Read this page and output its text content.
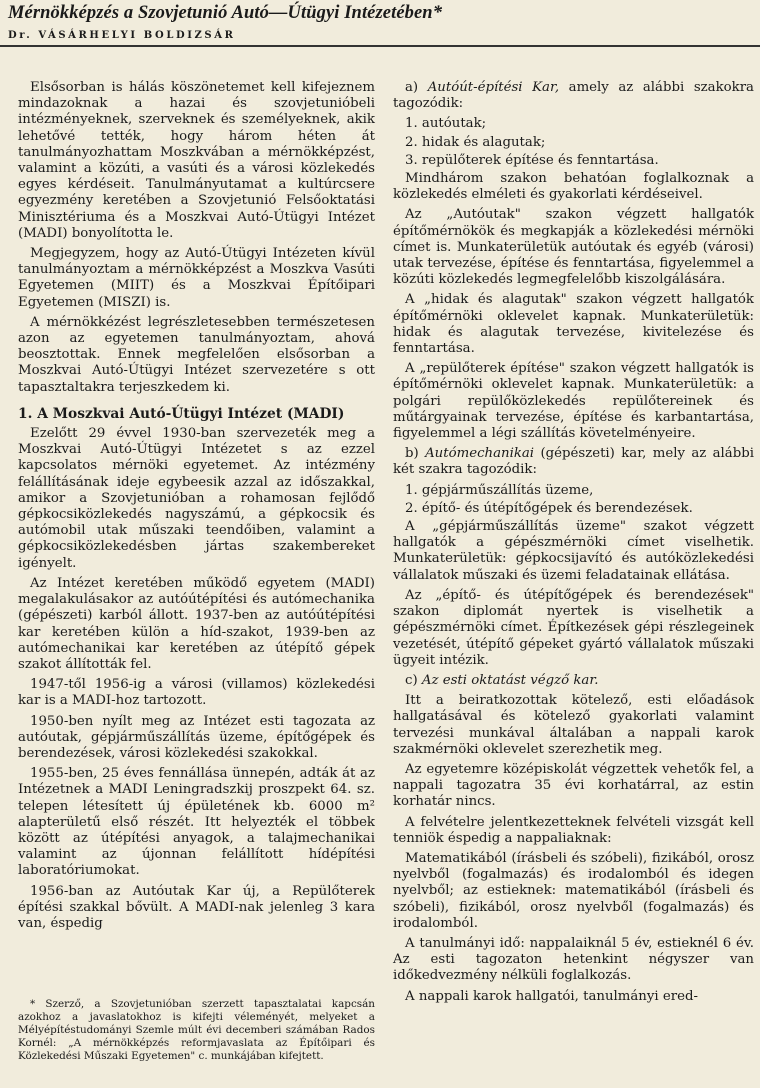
Mérnökképzés a Szovjetunió Autó—Útügyi Intézetében*
Dr. VÁSÁRHELYI BOLDIZSÁR

Elsősorban is hálás köszönetemet kell kifejeznem mindazoknak a hazai és szovjetunióbeli intézményeknek, szerveknek és személyeknek, akik lehetővé tették, hogy három héten át tanulmányozhattam Moszkvában a mérnökképzést, valamint a közúti, a vasúti és a városi közlekedés egyes kérdéseit. Tanulmányutamat a kultúrcsere egyezmény keretében a Szovjetunió Felsőoktatási Minisztériuma és a Moszkvai Autó-Útügyi Intézet (MADI) bonyolította le.

Megjegyzem, hogy az Autó-Útügyi Intézeten kívül tanulmányoztam a mérnökképzést a Moszkva Vasúti Egyetemen (MIIT) és a Moszkvai Építőipari Egyetemen (MISZI) is.

A mérnökkézést legrészletesebben természetesen azon az egyetemen tanulmányoztam, ahová beosztottak. Ennek megfelelően elsősorban a Moszkvai Autó-Útügyi Intézet szervezetére s ott tapasztaltakra terjeszkedem ki.

1. A Moszkvai Autó-Útügyi Intézet (MADI)

Ezelőtt 29 évvel 1930-ban szervezeték meg a Moszkvai Autó-Útügyi Intézetet s az ezzel kapcsolatos mérnöki egyetemet. Az intézmény felállításának ideje egybeesik azzal az időszakkal, amikor a Szovjetunióban a rohamosan fejlődő gépkocsiközlekedés nagyszámú, a gépkocsik és autómobil utak műszaki teendőiben, valamint a gépkocsiközlekedésben jártas szakembereket igényelt.

Az Intézet keretében működő egyetem (MADI) megalakulásakor az autóútépítési és autómechanika (gépészeti) karból állott. 1937-ben az autóútépítési kar keretében külön a híd-szakot, 1939-ben az autómechanikai kar keretében az útépítő gépek szakot állították fel.

1947-től 1956-ig a városi (villamos) közlekedési kar is a MADI-hoz tartozott.

1950-ben nyílt meg az Intézet esti tagozata az autóutak, gépjárműszállítás üzeme, építőgépek és berendezések, városi közlekedési szakokkal.

1955-ben, 25 éves fennállása ünnepén, adták át az Intézetnek a MADI Leningradszkij proszpekt 64. sz. telepen létesített új épületének kb. 6000 m² alapterületű első részét. Itt helyezték el többek között az útépítési anyagok, a talajmechanikai valamint az újonnan felállított hídépítési laboratóriumokat.

1956-ban az Autóutak Kar új, a Repülőterek építési szakkal bővült. A MADI-nak jelenleg 3 kara van, éspedig

a) Autóút-építési Kar, amely az alábbi szakokra tagozódik:

1. autóutak;

2. hidak és alagutak;

3. repülőterek építése és fenntartása.

Mindhárom szakon behatóan foglalkoznak a közlekedés elméleti és gyakorlati kérdéseivel.

Az „Autóutak" szakon végzett hallgatók építőmérnökök és megkapják a közlekedési mérnöki címet is. Munkaterületük autóutak és egyéb (városi) utak tervezése, építése és fenntartása, figyelemmel a közúti közlekedés legmegfelelőbb kiszolgálására.

A „hidak és alagutak" szakon végzett hallgatók építőmérnöki oklevelet kapnak. Munkaterületük: hidak és alagutak tervezése, kivitelezése és fenntartása.

A „repülőterek építése" szakon végzett hallgatók is építőmérnöki oklevelet kapnak. Munkaterületük: a polgári repülőközlekedés repülőtereinek és műtárgyainak tervezése, építése és karbantartása, figyelemmel a légi szállítás követelményeire.

b) Autómechanikai (gépészeti) kar, mely az alábbi két szakra tagozódik:

1. gépjárműszállítás üzeme,

2. építő- és útépítőgépek és berendezések.

A „gépjárműszállítás üzeme" szakot végzett hallgatók a gépészmérnöki címet viselhetik. Munkaterületük: gépkocsijavító és autóközlekedési vállalatok műszaki és üzemi feladatainak ellátása.

Az „építő- és útépítőgépek és berendezések" szakon diplomát nyertek is viselhetik a gépészmérnöki címet. Építkezések gépi részlegeinek vezetését, útépítő gépeket gyártó vállalatok műszaki ügyeit intézik.

c) Az esti oktatást végző kar.

Itt a beiratkozottak kötelező, esti előadások hallgatásával és kötelező gyakorlati valamint tervezési munkával általában a nappali karok szakmérnöki oklevelet szerezhetik meg.

Az egyetemre középiskolát végzettek vehetők fel, a nappali tagozatra 35 évi korhatárral, az estin korhatár nincs.

A felvételre jelentkezetteknek felvételi vizsgát kell tenniök éspedig a nappaliaknak:

Matematikából (írásbeli és szóbeli), fizikából, orosz nyelvből (fogalmazás) és irodalomból és idegen nyelvből; az estieknek: matematikából (írásbeli és szóbeli), fizikából, orosz nyelvből (fogalmazás) és irodalomból.

A tanulmányi idő: nappalaiknál 5 év, estieknél 6 év. Az esti tagozaton hetenkint négyszer van időkedvezmény nélküli foglalkozás.

A nappali karok hallgatói, tanulmányi ered-

* Szerző, a Szovjetunióban szerzett tapasztalatai kapcsán azokhoz a javaslatokhoz is kifejti véleményét, melyeket a Mélyépítéstudományi Szemle múlt évi decemberi számában Rados Kornél: „A mérnökképzés reformjavaslata az Építőipari és Közlekedési Műszaki Egyetemen" c. munkájában kifejtett.
